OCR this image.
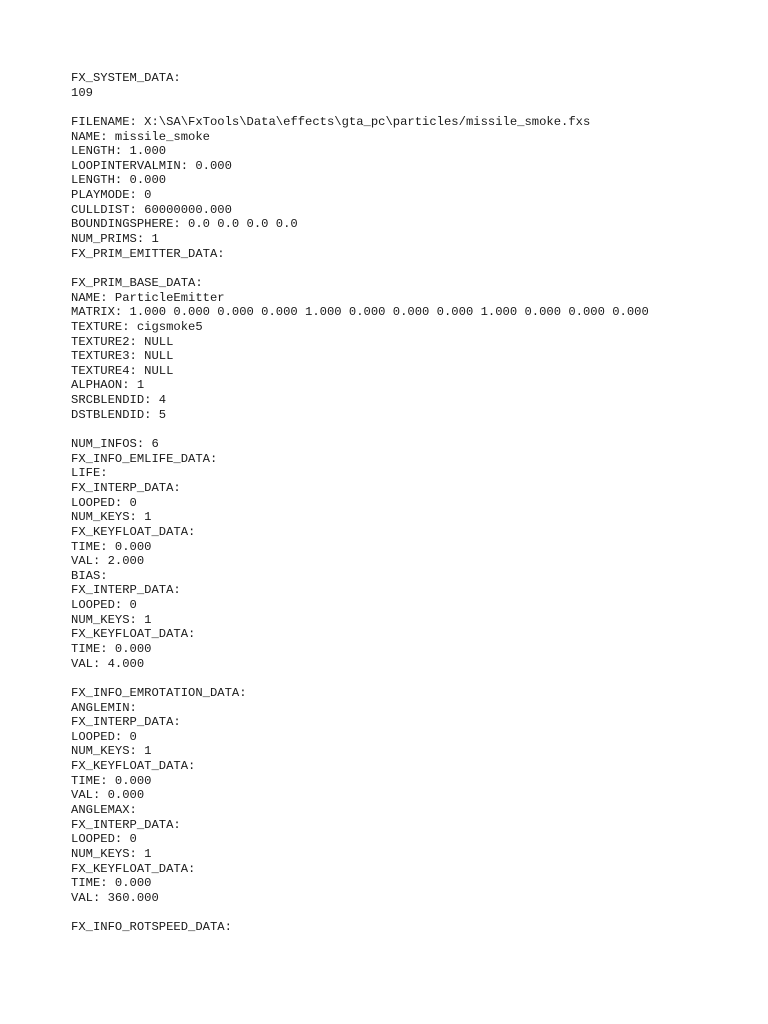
FX_SYSTEM_DATA:
109
FILENAME: X:\SA\FxTools\Data\effects\gta_pc\particles/missile_smoke.fxs
NAME: missile_smoke
LENGTH: 1.000
LOOPINTERVALMIN: 0.000
LENGTH: 0.000
PLAYMODE: 0
CULLDIST: 60000000.000
BOUNDINGSPHERE: 0.0 0.0 0.0 0.0
NUM_PRIMS: 1
FX_PRIM_EMITTER_DATA:
FX_PRIM_BASE_DATA:
NAME: ParticleEmitter
MATRIX: 1.000 0.000 0.000 0.000 1.000 0.000 0.000 0.000 1.000 0.000 0.000 0.000
TEXTURE: cigsmoke5
TEXTURE2: NULL
TEXTURE3: NULL
TEXTURE4: NULL
ALPHAON: 1
SRCBLENDID: 4
DSTBLENDID: 5
NUM_INFOS: 6
FX_INFO_EMLIFE_DATA:
LIFE:
FX_INTERP_DATA:
LOOPED: 0
NUM_KEYS: 1
FX_KEYFLOAT_DATA:
TIME: 0.000
VAL: 2.000
BIAS:
FX_INTERP_DATA:
LOOPED: 0
NUM_KEYS: 1
FX_KEYFLOAT_DATA:
TIME: 0.000
VAL: 4.000
FX_INFO_EMROTATION_DATA:
ANGLEMIN:
FX_INTERP_DATA:
LOOPED: 0
NUM_KEYS: 1
FX_KEYFLOAT_DATA:
TIME: 0.000
VAL: 0.000
ANGLEMAX:
FX_INTERP_DATA:
LOOPED: 0
NUM_KEYS: 1
FX_KEYFLOAT_DATA:
TIME: 0.000
VAL: 360.000
FX_INFO_ROTSPEED_DATA:
